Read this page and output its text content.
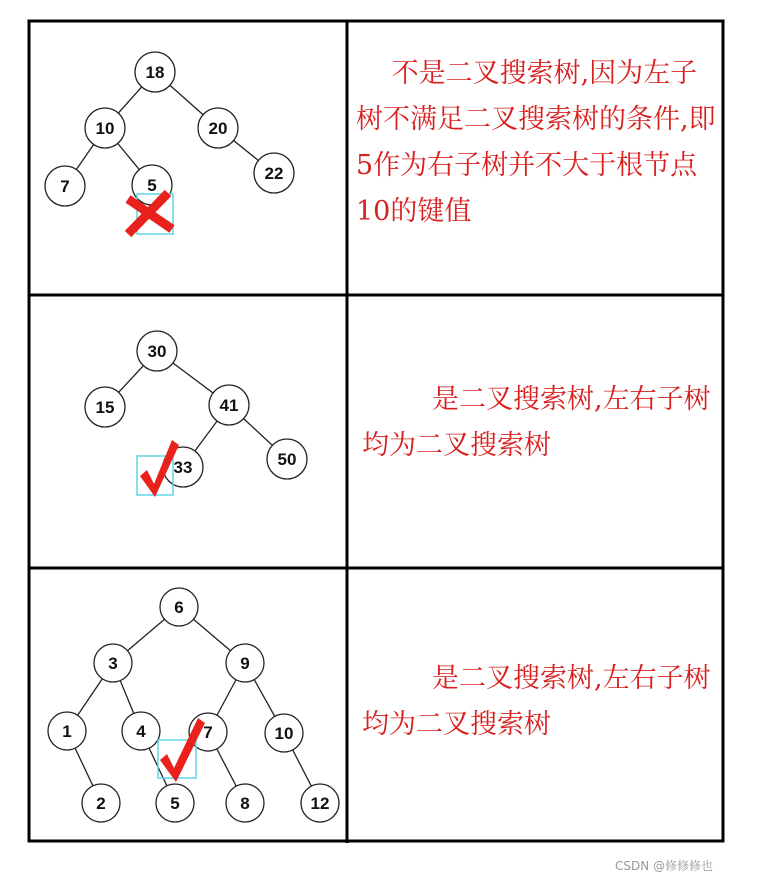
18
10	20
7	5
22
30
15	41
33	50
6
3	9
1	4	7	10
2	5	8	12

　 不是二叉搜索树,因为左子树不满足二叉搜索树的条件,即5作为右子树并不大于根节点10的键值

是二叉搜索树,左右子树均为二叉搜索树

是二叉搜索树,左右子树均为二叉搜索树

CSDN @修修修也
